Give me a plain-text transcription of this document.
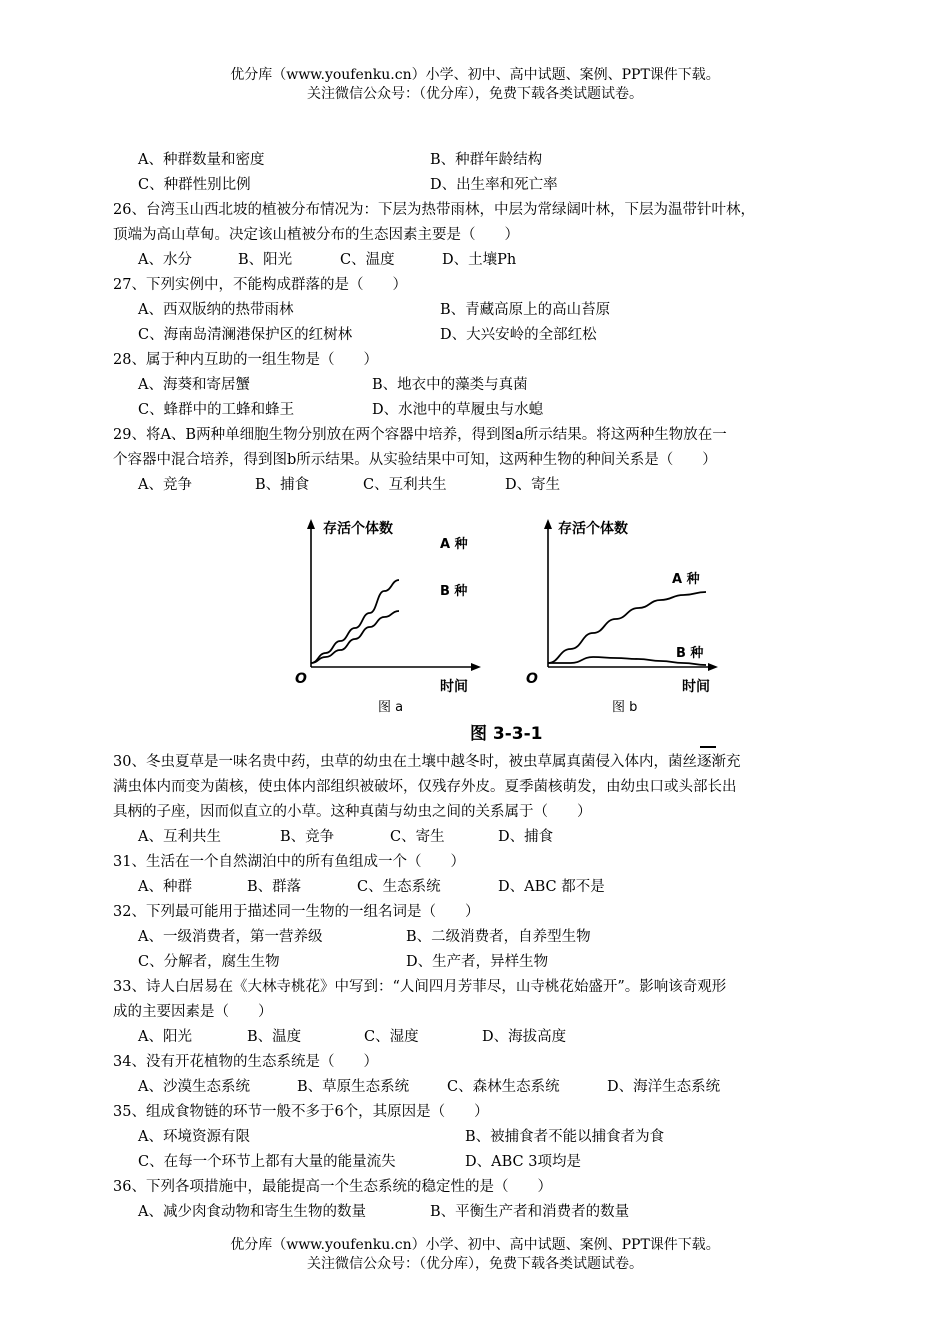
优分库（www.youfenku.cn）小学、初中、高中试题、案例、PPT课件下载。
关注微信公众号：（优分库），免费下载各类试题试卷。
A、种群数量和密度	B、种群年龄结构
C、种群性别比例	D、出生率和死亡率
26、台湾玉山西北坡的植被分布情况为：下层为热带雨林，中层为常绿阔叶林，下层为温带针叶林，
顶端为高山草甸。决定该山植被分布的生态因素主要是（　　）
A、水分	B、阳光	C、温度	D、土壤Ph
27、下列实例中，不能构成群落的是（　　）
A、西双版纳的热带雨林	B、青藏高原上的高山苔原
C、海南岛清澜港保护区的红树林	D、大兴安岭的全部红松
28、属于种内互助的一组生物是（　　）
A、海葵和寄居蟹	B、地衣中的藻类与真菌
C、蜂群中的工蜂和蜂王	D、水池中的草履虫与水螅
29、将A、B两种单细胞生物分别放在两个容器中培养，得到图a所示结果。将这两种生物放在一
个容器中混合培养，得到图b所示结果。从实验结果中可知，这两种生物的种间关系是（　　）
A、竞争	B、捕食	C、互利共生	D、寄生
存活个体数
O	时间
A 种
B 种
图 a
存活个体数
O	时间
A 种
B 种
图 b
图 3-3-1
30、冬虫夏草是一味名贵中药，虫草的幼虫在土壤中越冬时，被虫草属真菌侵入体内，菌丝逐渐充
满虫体内而变为菌核，使虫体内部组织被破坏，仅残存外皮。夏季菌核萌发，由幼虫口或头部长出
具柄的子座，因而似直立的小草。这种真菌与幼虫之间的关系属于（　　）
A、互利共生	B、竞争	C、寄生	D、捕食
31、生活在一个自然湖泊中的所有鱼组成一个（　　）
A、种群	B、群落	C、生态系统	D、ABC 都不是
32、下列最可能用于描述同一生物的一组名词是（　　）
A、一级消费者，第一营养级	B、二级消费者，自养型生物
C、分解者，腐生生物	D、生产者，异样生物
33、诗人白居易在《大林寺桃花》中写到：“人间四月芳菲尽，山寺桃花始盛开”。影响该奇观形
成的主要因素是（　　）
A、阳光	B、温度	C、湿度	D、海拔高度
34、没有开花植物的生态系统是（　　）
A、沙漠生态系统	B、草原生态系统	C、森林生态系统	D、海洋生态系统
35、组成食物链的环节一般不多于6个，其原因是（　　）
A、环境资源有限	B、被捕食者不能以捕食者为食
C、在每一个环节上都有大量的能量流失	D、ABC 3项均是
36、下列各项措施中，最能提高一个生态系统的稳定性的是（　　）
A、减少肉食动物和寄生生物的数量	B、平衡生产者和消费者的数量
优分库（www.youfenku.cn）小学、初中、高中试题、案例、PPT课件下载。
关注微信公众号：（优分库），免费下载各类试题试卷。
